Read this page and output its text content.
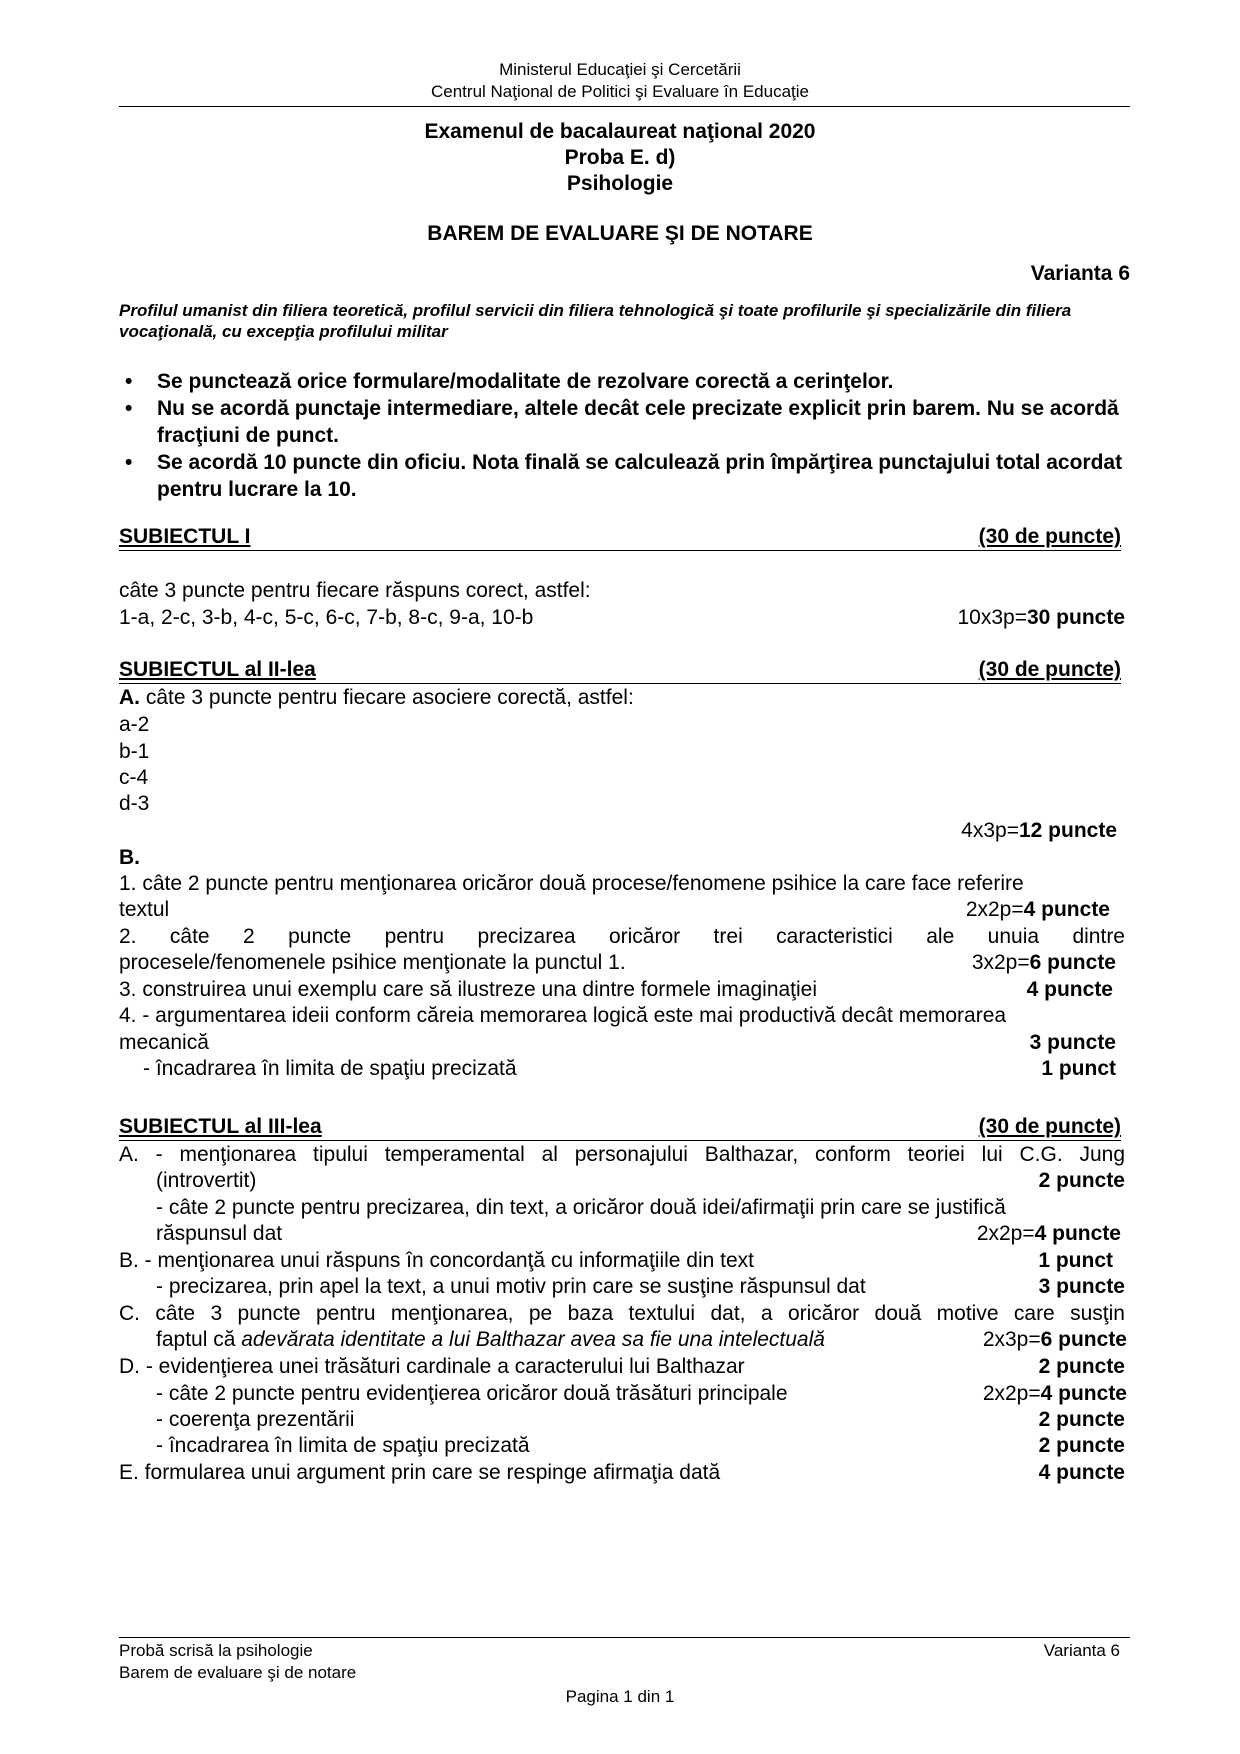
Ministerul Educaţiei şi Cercetării
Centrul Naţional de Politici şi Evaluare în Educaţie
Examenul de bacalaureat naţional 2020
Proba E. d)
Psihologie
BAREM DE EVALUARE ŞI DE NOTARE
Varianta 6
Profilul umanist din filiera teoretică, profilul servicii din filiera tehnologică şi toate profilurile şi specializările din filiera vocaţională, cu excepţia profilului militar

• Se punctează orice formulare/modalitate de rezolvare corectă a cerinţelor.

• Nu se acordă punctaje intermediare, altele decât cele precizate explicit prin barem. Nu se acordă fracţiuni de punct.

• Se acordă 10 puncte din oficiu. Nota finală se calculează prin împărţirea punctajului total acordat pentru lucrare la 10.

SUBIECTUL I	(30 de puncte)
câte 3 puncte pentru fiecare răspuns corect, astfel:
1-a, 2-c, 3-b, 4-c, 5-c, 6-c, 7-b, 8-c, 9-a, 10-b	10x3p=30 puncte
SUBIECTUL al II-lea	(30 de puncte)
A. câte 3 puncte pentru fiecare asociere corectă, astfel:
a-2
b-1
c-4
d-3
4x3p=12 puncte
B.
1. câte 2 puncte pentru menţionarea oricăror două procese/fenomene psihice la care face referire
textul	2x2p=4 puncte
2. câte 2 puncte pentru precizarea oricăror trei caracteristici ale unuia dintre
procesele/fenomenele psihice menţionate la punctul 1.	3x2p=6 puncte
3. construirea unui exemplu care să ilustreze una dintre formele imaginaţiei	4 puncte
4. - argumentarea ideii conform căreia memorarea logică este mai productivă decât memorarea
mecanică	3 puncte
- încadrarea în limita de spaţiu precizată	1 punct
SUBIECTUL al III-lea	(30 de puncte)
A. - menţionarea tipului temperamental al personajului Balthazar, conform teoriei lui C.G. Jung
(introvertit)	2 puncte
- câte 2 puncte pentru precizarea, din text, a oricăror două idei/afirmaţii prin care se justifică
răspunsul dat	2x2p=4 puncte
B. - menţionarea unui răspuns în concordanţă cu informaţiile din text	1 punct
- precizarea, prin apel la text, a unui motiv prin care se susţine răspunsul dat	3 puncte
C. câte 3 puncte pentru menţionarea, pe baza textului dat, a oricăror două motive care susţin
faptul că adevărata identitate a lui Balthazar avea sa fie una intelectuală	2x3p=6 puncte
D. - evidenţierea unei trăsături cardinale a caracterului lui Balthazar	2 puncte
- câte 2 puncte pentru evidenţierea oricăror două trăsături principale	2x2p=4 puncte
- coerenţa prezentării	2 puncte
- încadrarea în limita de spaţiu precizată	2 puncte
E. formularea unui argument prin care se respinge afirmaţia dată	4 puncte
Probă scrisă la psihologie
Barem de evaluare şi de notare
Varianta 6
Pagina 1 din 1
